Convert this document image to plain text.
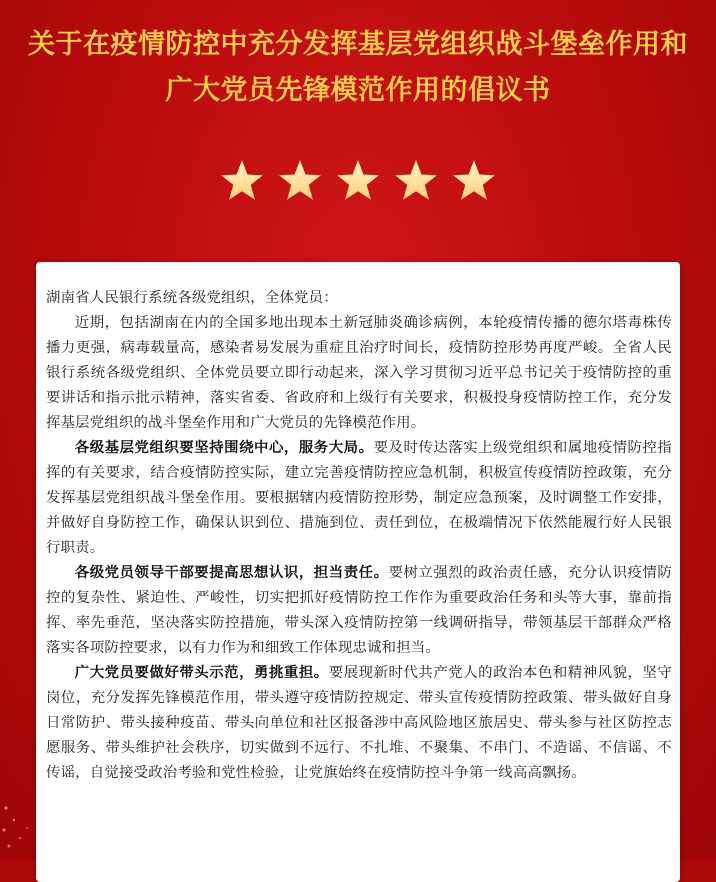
关于在疫情防控中充分发挥基层党组织战斗堡垒作用和
广大党员先锋模范作用的倡议书

湖南省人民银行系统各级党组织，全体党员：

近期，包括湖南在内的全国多地出现本土新冠肺炎确诊病例，本轮疫情传播的德尔塔毒株传播力更强，病毒载量高，感染者易发展为重症且治疗时间长，疫情防控形势再度严峻。全省人民银行系统各级党组织、全体党员要立即行动起来，深入学习贯彻习近平总书记关于疫情防控的重要讲话和指示批示精神，落实省委、省政府和上级行有关要求，积极投身疫情防控工作，充分发挥基层党组织的战斗堡垒作用和广大党员的先锋模范作用。

各级基层党组织要坚持围绕中心，服务大局。要及时传达落实上级党组织和属地疫情防控指挥的有关要求，结合疫情防控实际，建立完善疫情防控应急机制，积极宣传疫情防控政策，充分发挥基层党组织战斗堡垒作用。要根据辖内疫情防控形势，制定应急预案，及时调整工作安排，并做好自身防控工作，确保认识到位、措施到位、责任到位，在极端情况下依然能履行好人民银行职责。

各级党员领导干部要提高思想认识，担当责任。要树立强烈的政治责任感，充分认识疫情防控的复杂性、紧迫性、严峻性，切实把抓好疫情防控工作作为重要政治任务和头等大事，靠前指挥、率先垂范，坚决落实防控措施，带头深入疫情防控第一线调研指导，带领基层干部群众严格落实各项防控要求，以有力作为和细致工作体现忠诚和担当。

广大党员要做好带头示范，勇挑重担。要展现新时代共产党人的政治本色和精神风貌，坚守岗位，充分发挥先锋模范作用，带头遵守疫情防控规定、带头宣传疫情防控政策、带头做好自身日常防护、带头接种疫苗、带头向单位和社区报备涉中高风险地区旅居史、带头参与社区防控志愿服务、带头维护社会秩序，切实做到不远行、不扎堆、不聚集、不串门、不造谣、不信谣、不传谣，自觉接受政治考验和党性检验，让党旗始终在疫情防控斗争第一线高高飘扬。
